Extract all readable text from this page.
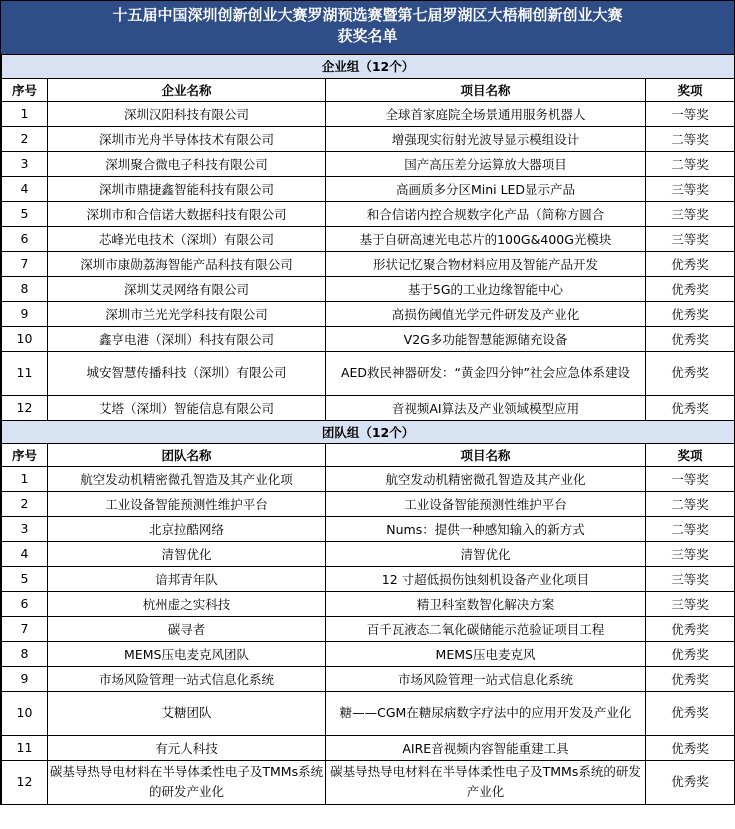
十五届中国深圳创新创业大赛罗湖预选赛暨第七届罗湖区大梧桐创新创业大赛
获奖名单
企业组（12个）			
序号	企业名称	项目名称	奖项
1	深圳汉阳科技有限公司	全球首家庭院全场景通用服务机器人	一等奖
2	深圳市光舟半导体技术有限公司	增强现实衍射光波导显示模组设计	二等奖
3	深圳聚合微电子科技有限公司	国产高压差分运算放大器项目	二等奖
4	深圳市鼎捷鑫智能科技有限公司	高画质多分区Mini LED显示产品	三等奖
5	深圳市和合信诺大数据科技有限公司	和合信诺内控合规数字化产品（简称方圆合	三等奖
6	芯峰光电技术（深圳）有限公司	基于自研高速光电芯片的100G&400G光模块	三等奖
7	深圳市康勋荔海智能产品科技有限公司	形状记忆聚合物材料应用及智能产品开发	优秀奖
8	深圳艾灵网络有限公司	基于5G的工业边缘智能中心	优秀奖
9	深圳市兰光光学科技有限公司	高损伤阈值光学元件研发及产业化	优秀奖
10	鑫亨电港（深圳）科技有限公司	V2G多功能智慧能源储充设备	优秀奖
11	城安智慧传播科技（深圳）有限公司	AED救民神器研发：“黄金四分钟”社会应急体系建设	优秀奖
12	艾塔（深圳）智能信息有限公司	音视频AI算法及产业领域模型应用	优秀奖
团队组（12个）			
序号	团队名称	项目名称	奖项
1	航空发动机精密微孔智造及其产业化项	航空发动机精密微孔智造及其产业化	一等奖
2	工业设备智能预测性维护平台	工业设备智能预测性维护平台	二等奖
3	北京拉酷网络	Nums：提供一种感知输入的新方式	二等奖
4	清智优化	清智优化	三等奖
5	谙邦青年队	12 寸超低损伤蚀刻机设备产业化项目	三等奖
6	杭州虚之实科技	精卫科室数智化解决方案	三等奖
7	碳寻者	百千瓦液态二氧化碳储能示范验证项目工程	优秀奖
8	MEMS压电麦克风团队	MEMS压电麦克风	优秀奖
9	市场风险管理一站式信息化系统	市场风险管理一站式信息化系统	优秀奖
10	艾糖团队	糖——CGM在糖尿病数字疗法中的应用开发及产业化	优秀奖
11	有元人科技	AIRE音视频内容智能重建工具	优秀奖
12	碳基导热导电材料在半导体柔性电子及TMMs系统的研发产业化	碳基导热导电材料在半导体柔性电子及TMMs系统的研发产业化	优秀奖
